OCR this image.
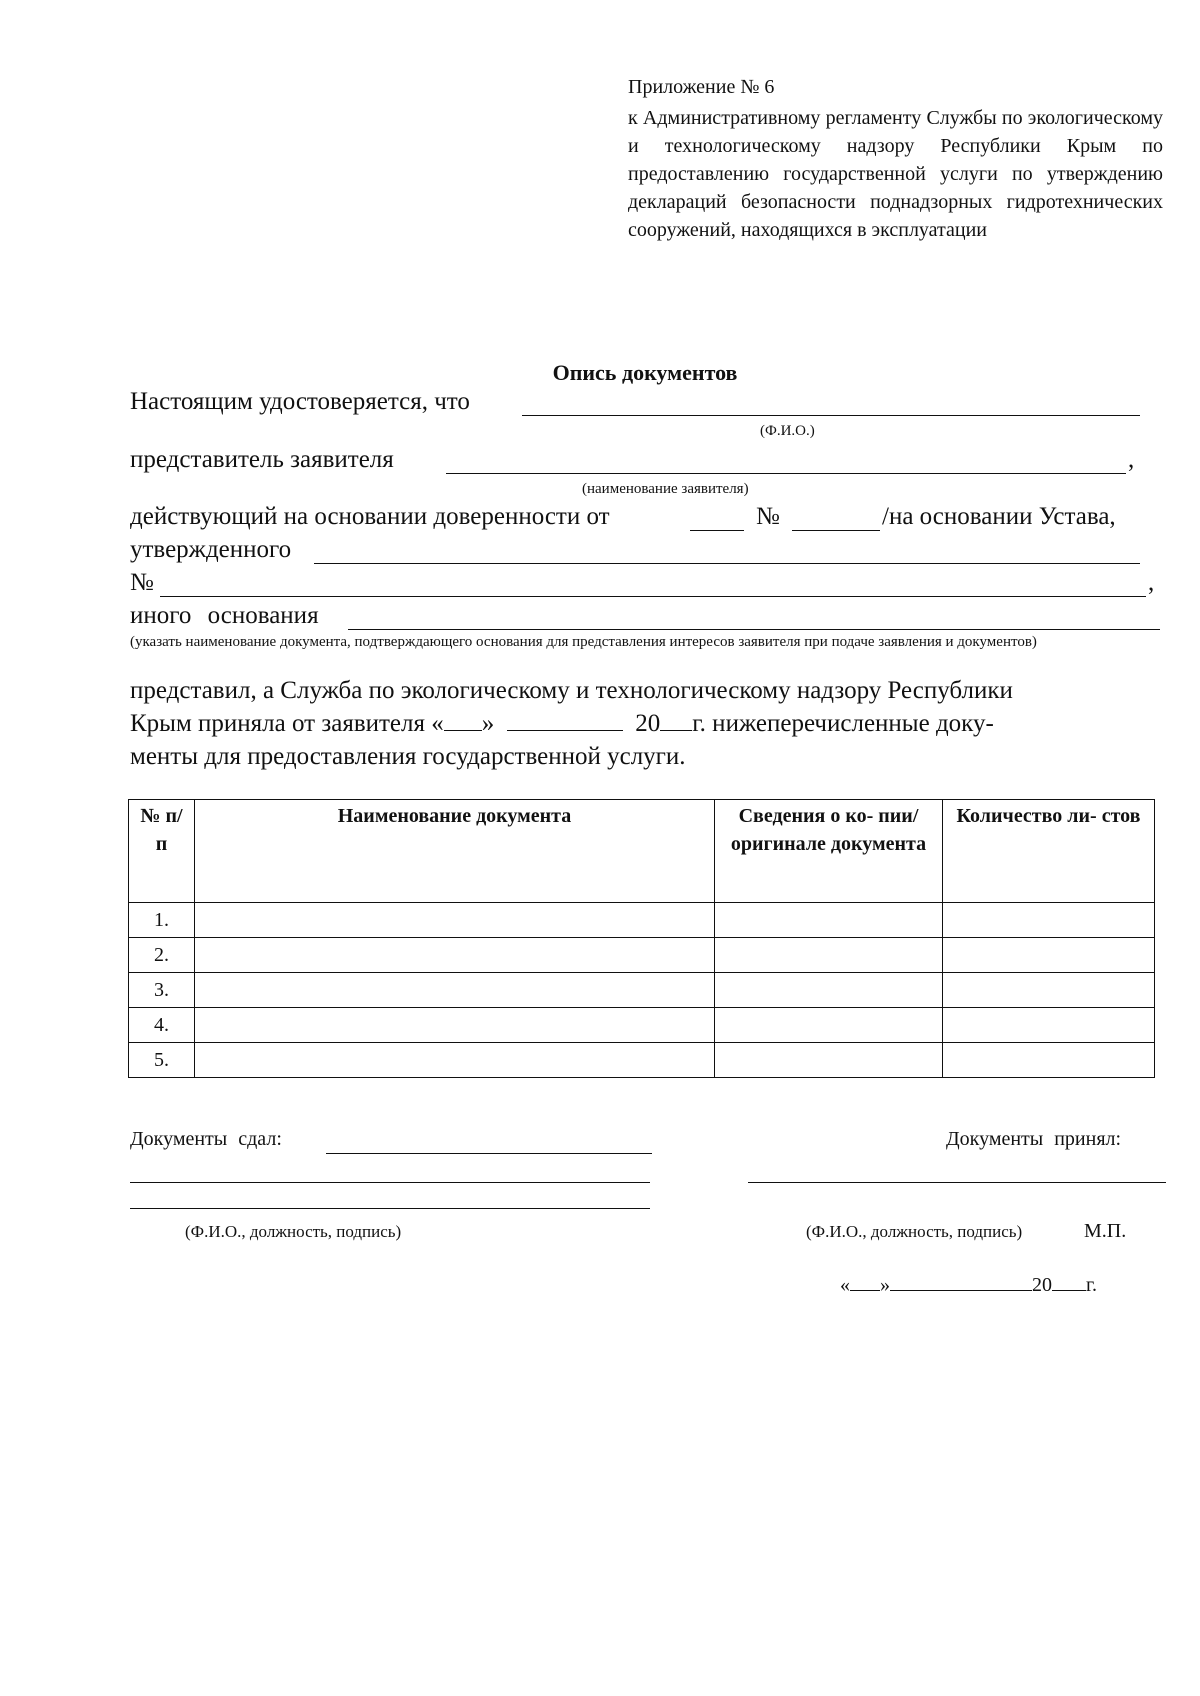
Приложение № 6
к Административному регламенту Службы по экологическому и технологическому надзору Республики Крым по предоставлению государственной услуги по утверждению деклараций безопасности поднадзорных гидротехнических сооружений, находящихся в эксплуатации
Опись документов
Настоящим удостоверяется, что
(Ф.И.О.)
представитель заявителя	,
(наименование заявителя)
действующий на основании доверенности от	№	/на основании Устава,
утвержденного
№	,
иного основания
(указать наименование документа, подтверждающего основания для представления интересов заявителя при подаче заявления и документов)
представил, а Служба по экологическому и технологическому надзору Республики
Крым приняла от заявителя « »	20 г. нижеперечисленные доку-
менты для предоставления государственной услуги.
№ п/п	Наименование документа	Сведения о ко- пии/оригинале документа	Количество ли- стов
1.			
2.			
3.			
4.			
5.			
Документы сдал:
(Ф.И.О., должность, подпись)
Документы принял:
(Ф.И.О., должность, подпись)	М.П.
« »	20 г.
